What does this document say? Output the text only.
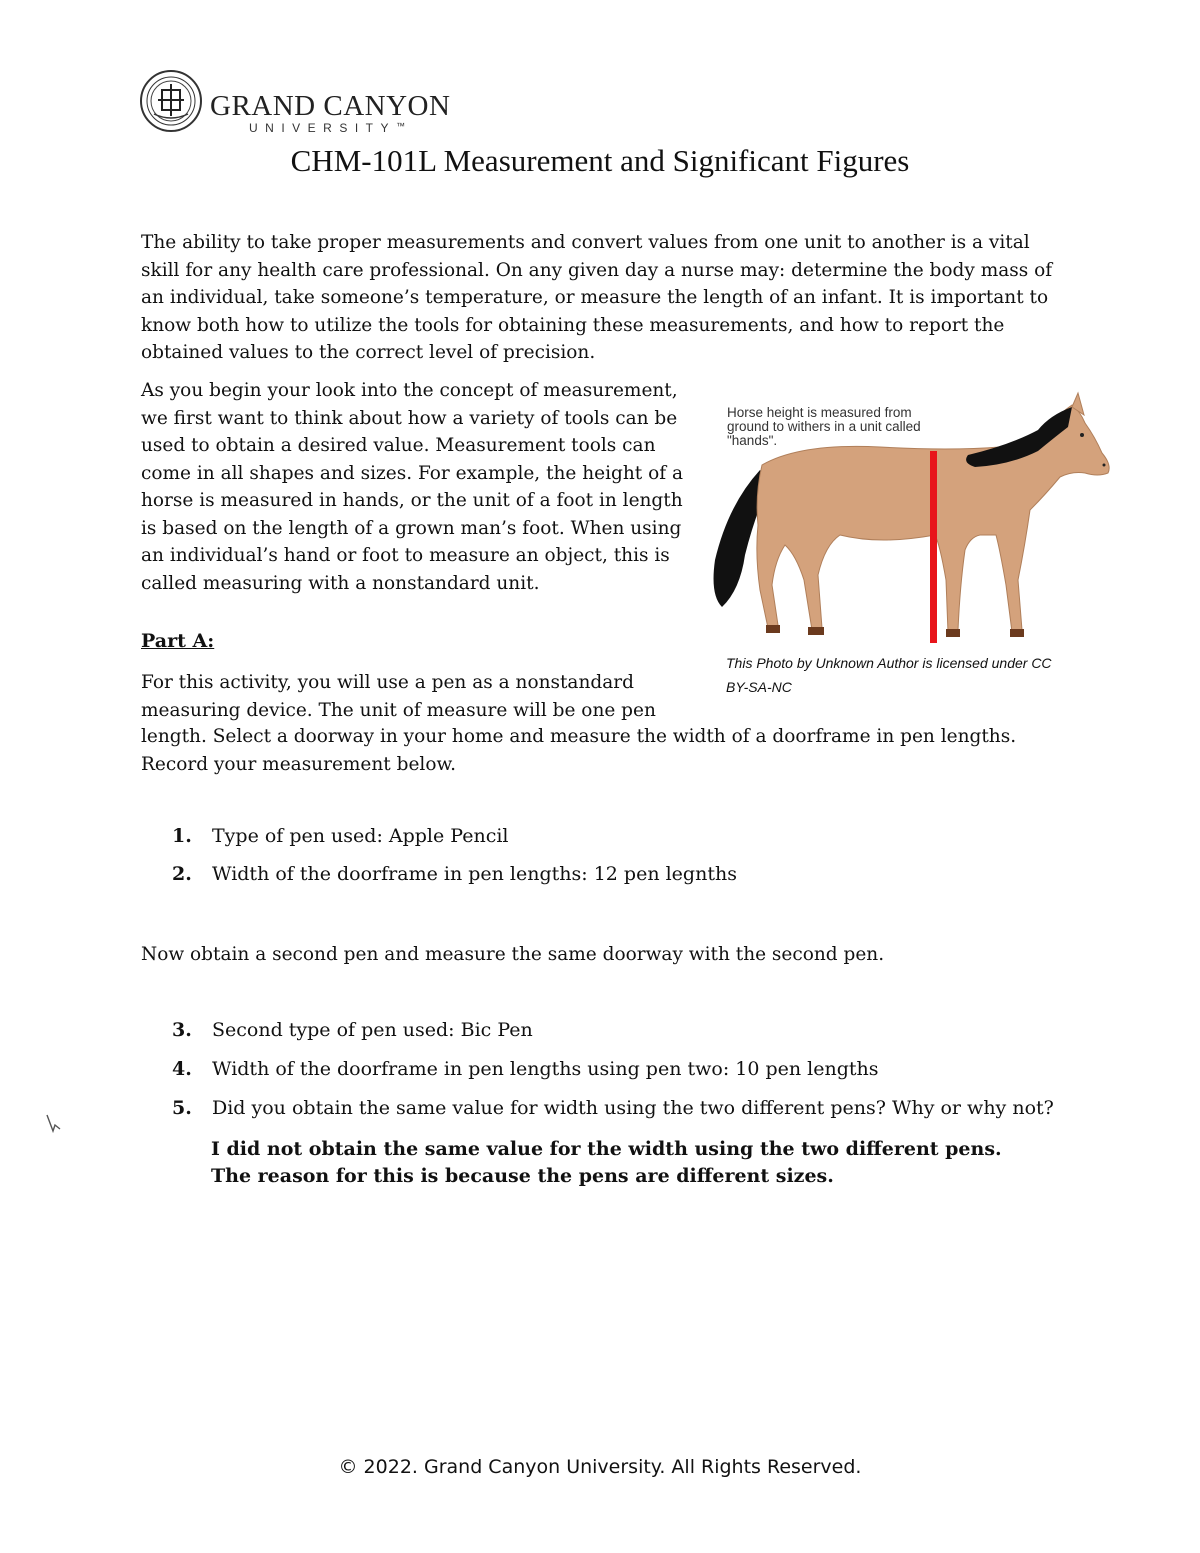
GRAND CANYON
UNIVERSITY™
CHM-101L Measurement and Significant Figures
The ability to take proper measurements and convert values from one unit to another is a vital skill for any health care professional. On any given day a nurse may: determine the body mass of an individual, take someone’s temperature, or measure the length of an infant. It is important to know both how to utilize the tools for obtaining these measurements, and how to report the obtained values to the correct level of precision.
As you begin your look into the concept of measurement, we first want to think about how a variety of tools can be used to obtain a desired value. Measurement tools can come in all shapes and sizes. For example, the height of a horse is measured in hands, or the unit of a foot in length is based on the length of a grown man’s foot. When using an individual’s hand or foot to measure an object, this is called measuring with a nonstandard unit.
Horse height is measured from
ground to withers in a unit called
"hands".
This Photo by Unknown Author is licensed under CC
BY-SA-NC
Part A:
For this activity, you will use a pen as a nonstandard
measuring device. The unit of measure will be one pen
length. Select a doorway in your home and measure the width of a doorframe in pen lengths. Record your measurement below.
1. Type of pen used: Apple Pencil
2. Width of the doorframe in pen lengths: 12 pen legnths
Now obtain a second pen and measure the same doorway with the second pen.
3. Second type of pen used: Bic Pen
4. Width of the doorframe in pen lengths using pen two: 10 pen lengths
5. Did you obtain the same value for width using the two different pens? Why or why not?
I did not obtain the same value for the width using the two different pens. The reason for this is because the pens are different sizes.
© 2022. Grand Canyon University. All Rights Reserved.
